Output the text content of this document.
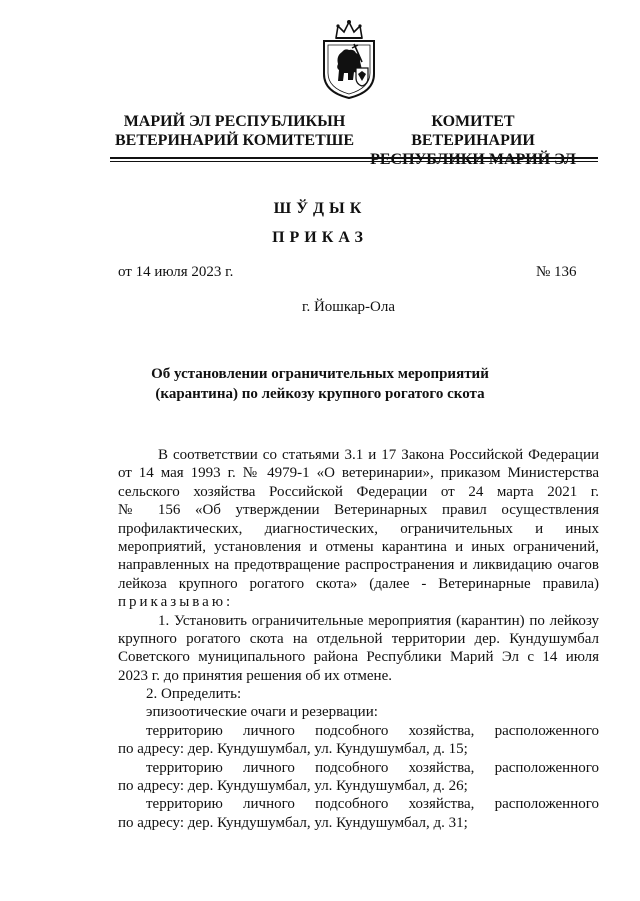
МАРИЙ ЭЛ РЕСПУБЛИКЫН
ВЕТЕРИНАРИЙ КОМИТЕТШЕ
КОМИТЕТ ВЕТЕРИНАРИИ
РЕСПУБЛИКИ МАРИЙ ЭЛ
ШЎДЫК
ПРИКАЗ
от 14 июля 2023 г.	№ 136
г. Йошкар-Ола
Об установлении ограничительных мероприятий
(карантина) по лейкозу крупного рогатого скота
В соответствии со статьями 3.1 и 17 Закона Российской Федерации
от 14 мая 1993 г. № 4979-1 «О ветеринарии», приказом Министерства
сельского хозяйства Российской Федерации от 24 марта 2021 г.
№ 156 «Об утверждении Ветеринарных правил осуществления
профилактических, диагностических, ограничительных и иных
мероприятий, установления и отмены карантина и иных ограничений,
направленных на предотвращение распространения и ликвидацию очагов
лейкоза крупного рогатого скота» (далее - Ветеринарные правила)
приказываю:
1. Установить ограничительные мероприятия (карантин) по лейкозу
крупного рогатого скота на отдельной территории дер. Кундушумбал
Советского муниципального района Республики Марий Эл с 14 июля
2023 г. до принятия решения об их отмене.
2. Определить:
эпизоотические очаги и резервации:
территорию личного подсобного хозяйства, расположенного
по адресу: дер. Кундушумбал, ул. Кундушумбал, д. 15;
территорию личного подсобного хозяйства, расположенного
по адресу: дер. Кундушумбал, ул. Кундушумбал, д. 26;
территорию личного подсобного хозяйства, расположенного
по адресу: дер. Кундушумбал, ул. Кундушумбал, д. 31;
